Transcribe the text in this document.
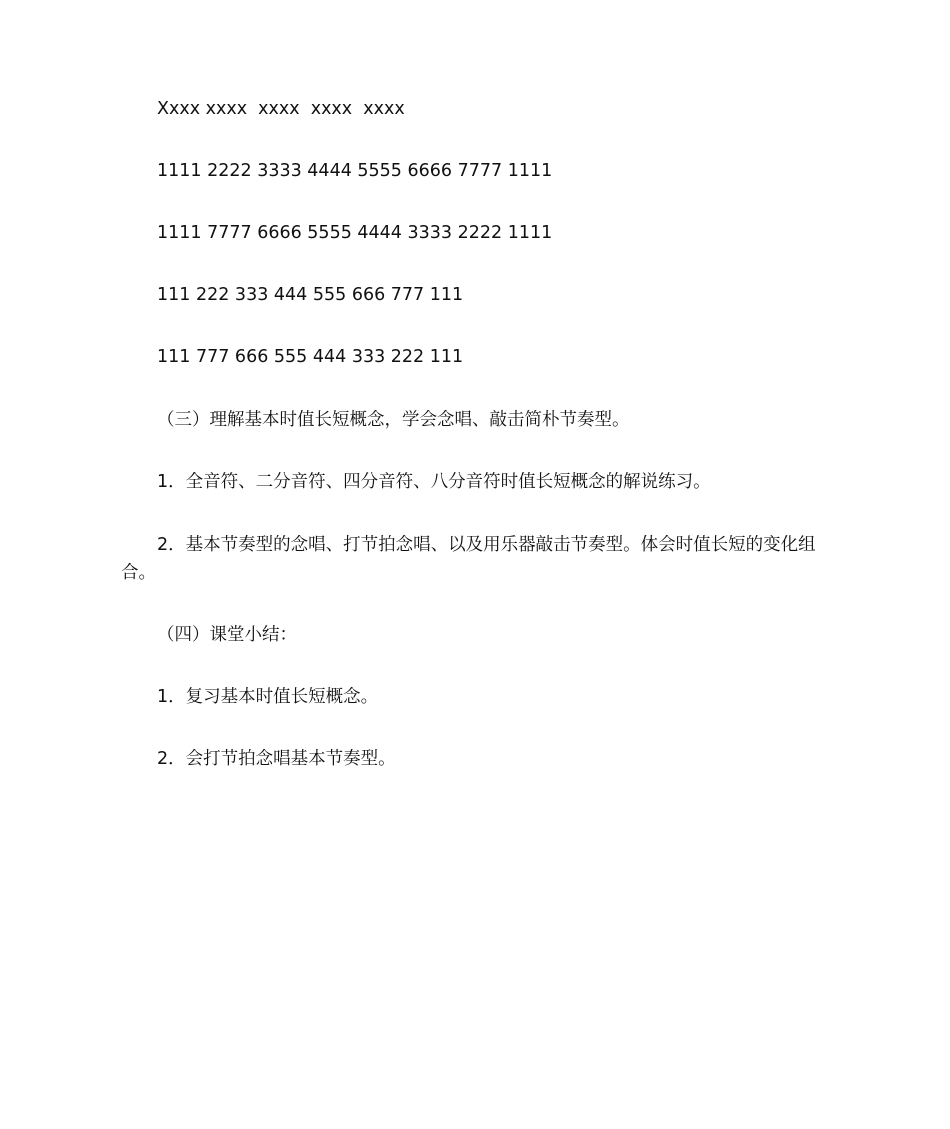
Xxxx xxxx  xxxx  xxxx  xxxx

1111 2222 3333 4444 5555 6666 7777 1111

1111 7777 6666 5555 4444 3333 2222 1111

111 222 333 444 555 666 777 111

111 777 666 555 444 333 222 111

（三）理解基本时值长短概念，学会念唱、敲击简朴节奏型。

1．全音符、二分音符、四分音符、八分音符时值长短概念的解说练习。

2．基本节奏型的念唱、打节拍念唱、以及用乐器敲击节奏型。体会时值长短的变化组合。

（四）课堂小结：

1．复习基本时值长短概念。

2．会打节拍念唱基本节奏型。
